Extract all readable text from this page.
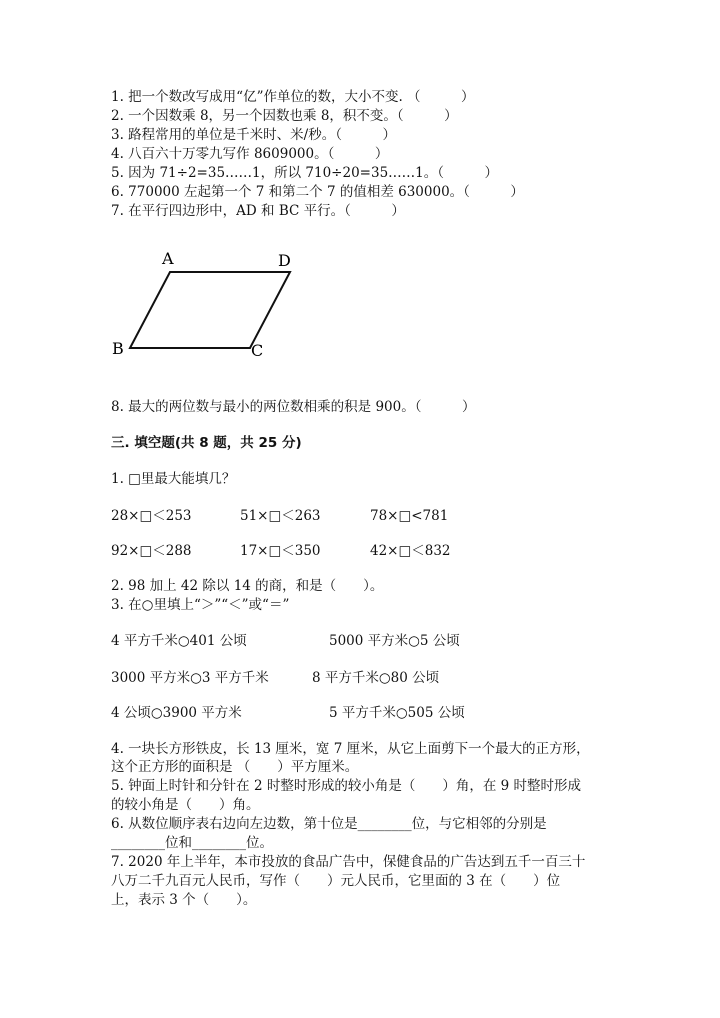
1. 把一个数改写成用“亿”作单位的数，大小不变. （　　　）
2. 一个因数乘 8，另一个因数也乘 8，积不变。（　　　）
3. 路程常用的单位是千米时、米/秒。（　　　）
4. 八百六十万零九写作 8609000。（　　　）
5. 因为 71÷2=35……1，所以 710÷20=35……1。（　　　）
6. 770000 左起第一个 7 和第二个 7 的值相差 630000。（　　　）
7. 在平行四边形中，AD 和 BC 平行。（　　　）
A	D
B	C
8. 最大的两位数与最小的两位数相乘的积是 900。（　　　）
三. 填空题(共 8 题，共 25 分)
1. □里最大能填几？
28×□＜253	51×□＜263	78×□<781
92×□＜288	17×□＜350	42×□＜832
2. 98 加上 42 除以 14 的商，和是（　　）。
3. 在○里填上“＞”“＜”或“＝”
4 平方千米○401 公顷	5000 平方米○5 公顷
3000 平方米○3 平方千米	8 平方千米○80 公顷
4 公顷○3900 平方米	5 平方千米○505 公顷
4. 一块长方形铁皮，长 13 厘米，宽 7 厘米，从它上面剪下一个最大的正方形，
这个正方形的面积是 （　　）平方厘米。
5. 钟面上时针和分针在 2 时整时形成的较小角是（　　）角，在 9 时整时形成
的较小角是（　　）角。
6. 从数位顺序表右边向左边数，第十位是________位，与它相邻的分别是
________位和________位。
7. 2020 年上半年，本市投放的食品广告中，保健食品的广告达到五千一百三十
八万二千九百元人民币，写作（　　）元人民币，它里面的 3 在（　　）位
上，表示 3 个（　　）。
